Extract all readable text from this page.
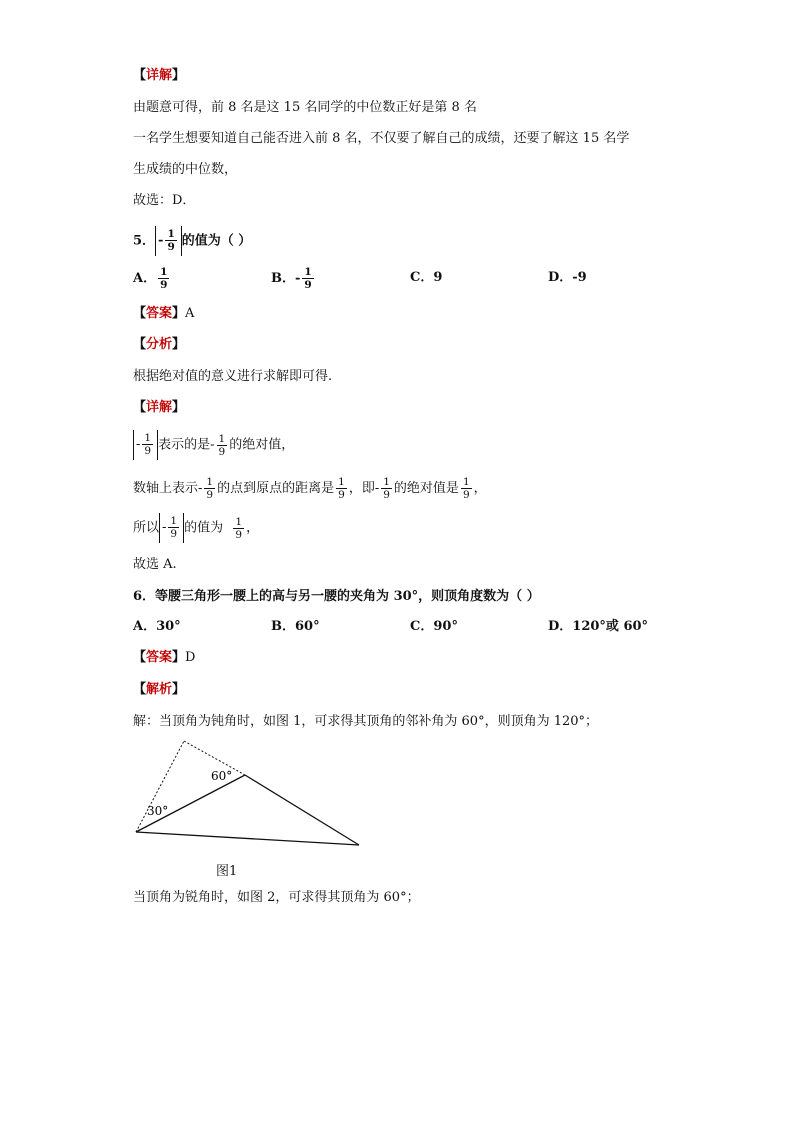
【详解】
由题意可得，前 8 名是这 15 名同学的中位数正好是第 8 名
一名学生想要知道自己能否进入前 8 名，不仅要了解自己的成绩，还要了解这 15 名学
生成绩的中位数，
故选：D．
5． - $\frac{1}{9}$ 的值为（ ）
A． $\frac{1}{9}$	B．- $\frac{1}{9}$	C．9	D．-9
【答案】A
【分析】
根据绝对值的意义进行求解即可得.
【详解】
- $\frac{1}{9}$ 表示的是- $\frac{1}{9}$ 的绝对值，
数轴上表示- $\frac{1}{9}$ 的点到原点的距离是 $\frac{1}{9}$ ，即- $\frac{1}{9}$ 的绝对值是 $\frac{1}{9}$ ，
所以 - $\frac{1}{9}$ 的值为 $\frac{1}{9}$ ，
故选 A.
6．等腰三角形一腰上的高与另一腰的夹角为 30°，则顶角度数为（ ）
A．30°	B．60°	C．90°	D．120°或 60°
【答案】D
【解析】
解：当顶角为钝角时，如图 1，可求得其顶角的邻补角为 60°，则顶角为 120°；
60°
30°
图1
当顶角为锐角时，如图 2，可求得其顶角为 60°；
